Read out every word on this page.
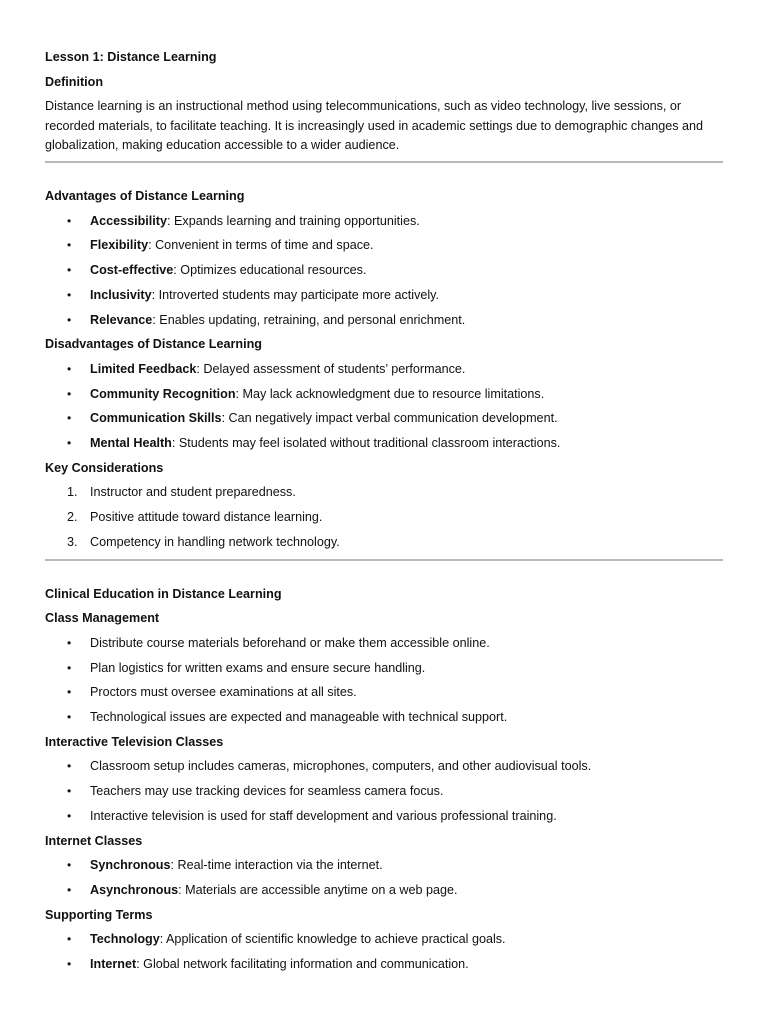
Lesson 1: Distance Learning

Definition

Distance learning is an instructional method using telecommunications, such as video technology, live sessions, or recorded materials, to facilitate teaching. It is increasingly used in academic settings due to demographic changes and globalization, making education accessible to a wider audience.

Advantages of Distance Learning

• Accessibility: Expands learning and training opportunities.
• Flexibility: Convenient in terms of time and space.
• Cost-effective: Optimizes educational resources.
• Inclusivity: Introverted students may participate more actively.
• Relevance: Enables updating, retraining, and personal enrichment.

Disadvantages of Distance Learning

• Limited Feedback: Delayed assessment of students’ performance.
• Community Recognition: May lack acknowledgment due to resource limitations.
• Communication Skills: Can negatively impact verbal communication development.
• Mental Health: Students may feel isolated without traditional classroom interactions.

Key Considerations

1. Instructor and student preparedness.
2. Positive attitude toward distance learning.
3. Competency in handling network technology.

Clinical Education in Distance Learning

Class Management

• Distribute course materials beforehand or make them accessible online.
• Plan logistics for written exams and ensure secure handling.
• Proctors must oversee examinations at all sites.
• Technological issues are expected and manageable with technical support.

Interactive Television Classes

• Classroom setup includes cameras, microphones, computers, and other audiovisual tools.
• Teachers may use tracking devices for seamless camera focus.
• Interactive television is used for staff development and various professional training.

Internet Classes

• Synchronous: Real-time interaction via the internet.
• Asynchronous: Materials are accessible anytime on a web page.

Supporting Terms

• Technology: Application of scientific knowledge to achieve practical goals.
• Internet: Global network facilitating information and communication.
